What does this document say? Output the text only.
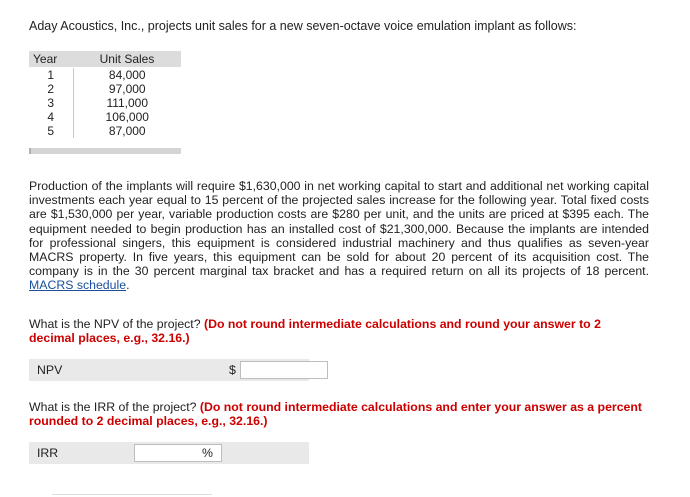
Aday Acoustics, Inc., projects unit sales for a new seven-octave voice emulation implant as follows:
Year	Unit Sales
1	84,000
2	97,000
3	111,000
4	106,000
5	87,000
Production of the implants will require $1,630,000 in net working capital to start and additional net working capital investments each year equal to 15 percent of the projected sales increase for the following year. Total fixed costs are $1,530,000 per year, variable production costs are $280 per unit, and the units are priced at $395 each. The equipment needed to begin production has an installed cost of $21,300,000. Because the implants are intended for professional singers, this equipment is considered industrial machinery and thus qualifies as seven-year MACRS property. In five years, this equipment can be sold for about 20 percent of its acquisition cost. The company is in the 30 percent marginal tax bracket and has a required return on all its projects of 18 percent. MACRS schedule.
What is the NPV of the project? (Do not round intermediate calculations and round your answer to 2 decimal places, e.g., 32.16.)
NPV	$
What is the IRR of the project? (Do not round intermediate calculations and enter your answer as a percent rounded to 2 decimal places, e.g., 32.16.)
IRR	%
